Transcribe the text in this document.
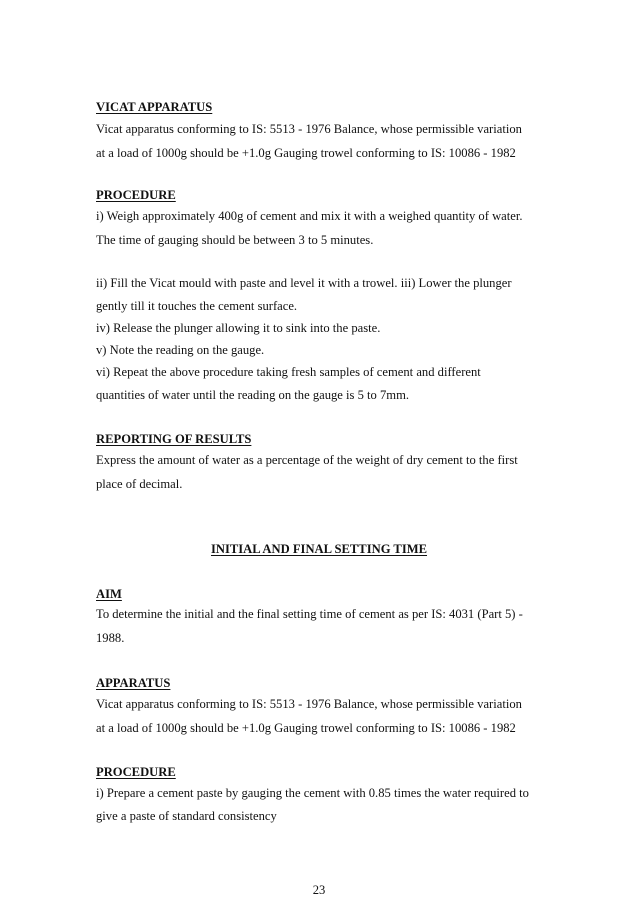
VICAT APPARATUS
Vicat apparatus conforming to IS: 5513 - 1976 Balance, whose permissible variation
at a load of 1000g should be +1.0g Gauging trowel conforming to IS: 10086 - 1982
PROCEDURE
i) Weigh approximately 400g of cement and mix it with a weighed quantity of water.
The time of gauging should be between 3 to 5 minutes.
ii) Fill the Vicat mould with paste and level it with a trowel. iii) Lower the plunger
gently till it touches the cement surface.
iv) Release the plunger allowing it to sink into the paste.
v) Note the reading on the gauge.
vi) Repeat the above procedure taking fresh samples of cement and different
quantities of water until the reading on the gauge is 5 to 7mm.
REPORTING OF RESULTS
Express the amount of water as a percentage of the weight of dry cement to the first
place of decimal.
INITIAL AND FINAL SETTING TIME
AIM
To determine the initial and the final setting time of cement as per IS: 4031 (Part 5) -
1988.
APPARATUS
Vicat apparatus conforming to IS: 5513 - 1976 Balance, whose permissible variation
at a load of 1000g should be +1.0g Gauging trowel conforming to IS: 10086 - 1982
PROCEDURE
i) Prepare a cement paste by gauging the cement with 0.85 times the water required to
give a paste of standard consistency
23
